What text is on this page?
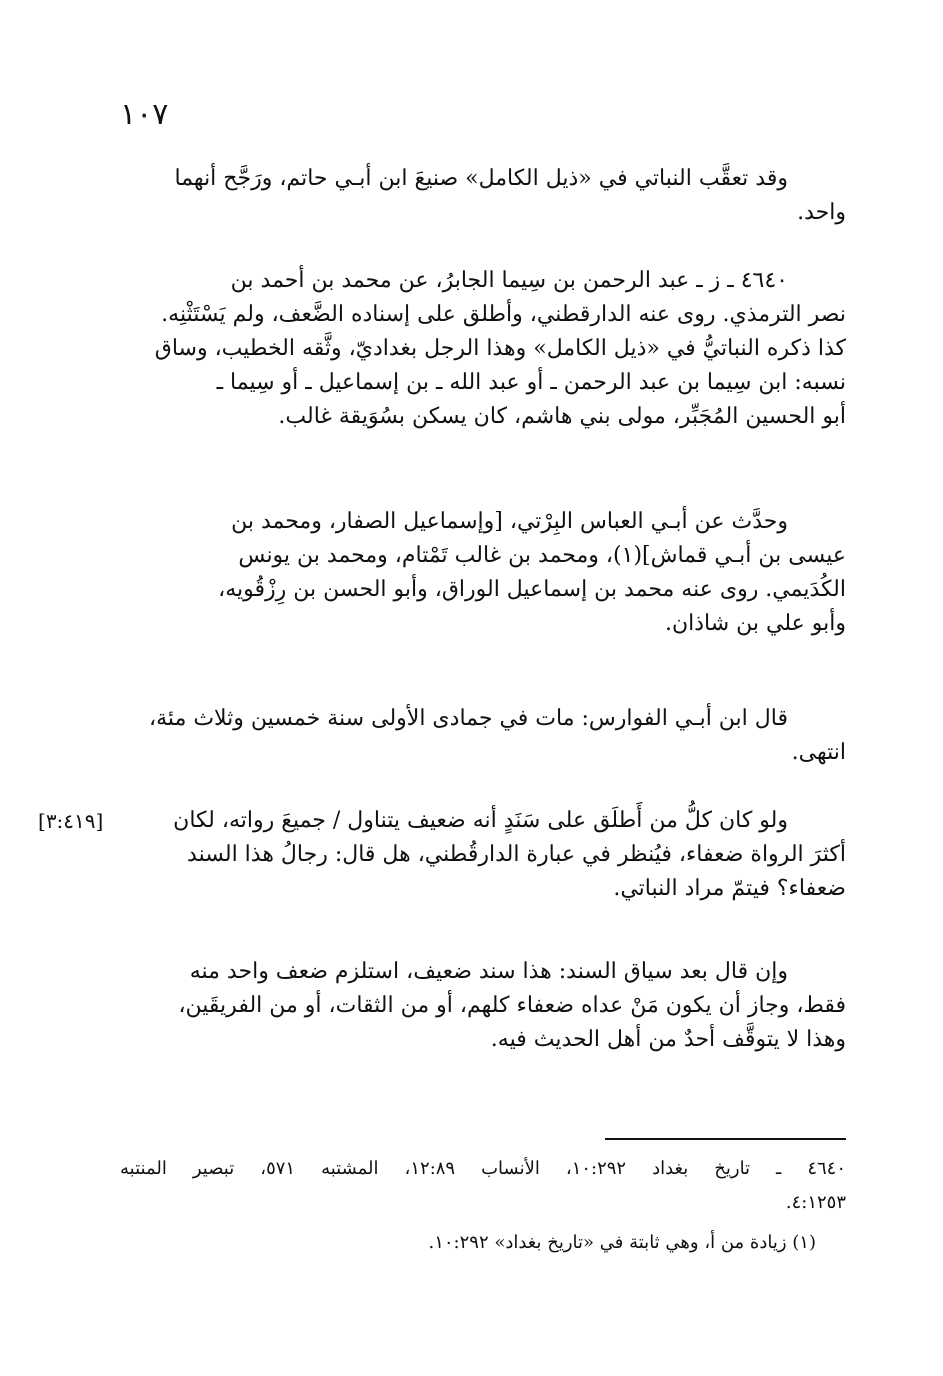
١٠٧
[٣:٤١٩]
وقد تعقَّب النباتي في «ذيل الكامل» صنيعَ ابن أبـي حاتم، ورَجَّح أنهما
واحد.
٤٦٤٠ ـ ز ـ عبد الرحمن بن سِيما الجابرُ، عن محمد بن أحمد بن
نصر الترمذي. روى عنه الدارقطني، وأطلق على إسناده الضَّعف، ولم يَسْتَثْنِه.
كذا ذكره النباتيُّ في «ذيل الكامل» وهذا الرجل بغداديّ، وثَّقه الخطيب، وساق
نسبه: ابن سِيما بن عبد الرحمن ـ أو عبد الله ـ بن إسماعيل ـ أو سِيما ـ
أبو الحسين المُجَبِّر، مولى بني هاشم، كان يسكن بسُوَيقة غالب.
وحدَّث عن أبـي العباس البِرْتي، [وإسماعيل الصفار، ومحمد بن
عيسى بن أبـي قماش](١)، ومحمد بن غالب تَمْتام، ومحمد بن يونس
الكُدَيمي. روى عنه محمد بن إسماعيل الوراق، وأبو الحسن بن رِزْقُويه،
وأبو علي بن شاذان.
قال ابن أبـي الفوارس: مات في جمادى الأولى سنة خمسين وثلاث مئة،
انتهى.
ولو كان كلُّ من أَطلَق على سَنَدٍ أنه ضعيف يتناول / جميعَ رواته، لكان
أكثرَ الرواة ضعفاء، فيُنظر في عبارة الدارقُطني، هل قال: رجالُ هذا السند
ضعفاء؟ فيتمّ مراد النباتي.
وإن قال بعد سياق السند: هذا سند ضعيف، استلزم ضعف واحد منه
فقط، وجاز أن يكون مَنْ عداه ضعفاء كلهم، أو من الثقات، أو من الفريقَين،
وهذا لا يتوقَّف أحدٌ من أهل الحديث فيه.
٤٦٤٠ ـ تاريخ بغداد ١٠:٢٩٢، الأنساب ١٢:٨٩، المشتبه ٥٧١، تبصير المنتبه
٤:١٢٥٣.
(١) زيادة من أ، وهي ثابتة في «تاريخ بغداد» ١٠:٢٩٢.
